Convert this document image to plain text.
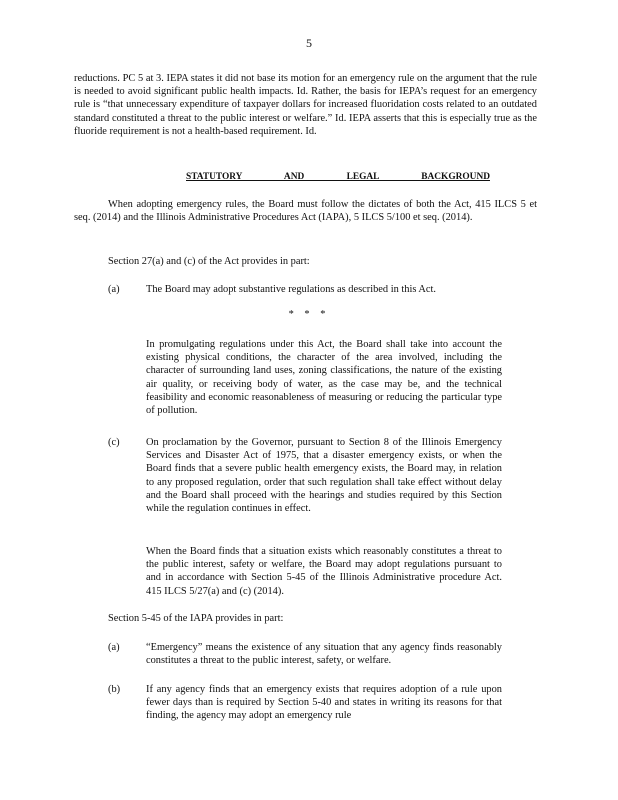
5

reductions. PC 5 at 3. IEPA states it did not base its motion for an emergency rule on the argument that the rule is needed to avoid significant public health impacts. Id. Rather, the basis for IEPA’s request for an emergency rule is “that unnecessary expenditure of taxpayer dollars for increased fluoridation costs related to an outdated standard constituted a threat to the public interest or welfare.” Id. IEPA asserts that this is especially true as the fluoride requirement is not a health-based requirement. Id.

STATUTORY AND LEGAL BACKGROUND

When adopting emergency rules, the Board must follow the dictates of both the Act, 415 ILCS 5 et seq. (2014) and the Illinois Administrative Procedures Act (IAPA), 5 ILCS 5/100 et seq. (2014).

Section 27(a) and (c) of the Act provides in part:
(a)	The Board may adopt substantive regulations as described in this Act.
* * *
In promulgating regulations under this Act, the Board shall take into account the existing physical conditions, the character of the area involved, including the character of surrounding land uses, zoning classifications, the nature of the existing air quality, or receiving body of water, as the case may be, and the technical feasibility and economic reasonableness of measuring or reducing the particular type of pollution.
(c)	On proclamation by the Governor, pursuant to Section 8 of the Illinois Emergency Services and Disaster Act of 1975, that a disaster emergency exists, or when the Board finds that a severe public health emergency exists, the Board may, in relation to any proposed regulation, order that such regulation shall take effect without delay and the Board shall proceed with the hearings and studies required by this Section while the regulation continues in effect.
When the Board finds that a situation exists which reasonably constitutes a threat to the public interest, safety or welfare, the Board may adopt regulations pursuant to and in accordance with Section 5-45 of the Illinois Administrative procedure Act. 415 ILCS 5/27(a) and (c) (2014).
Section 5-45 of the IAPA provides in part:
(a)	“Emergency” means the existence of any situation that any agency finds reasonably constitutes a threat to the public interest, safety, or welfare.
(b) If any agency finds that an emergency exists that requires adoption of a rule upon fewer days than is required by Section 5-40 and states in writing its reasons for that finding, the agency may adopt an emergency rule
